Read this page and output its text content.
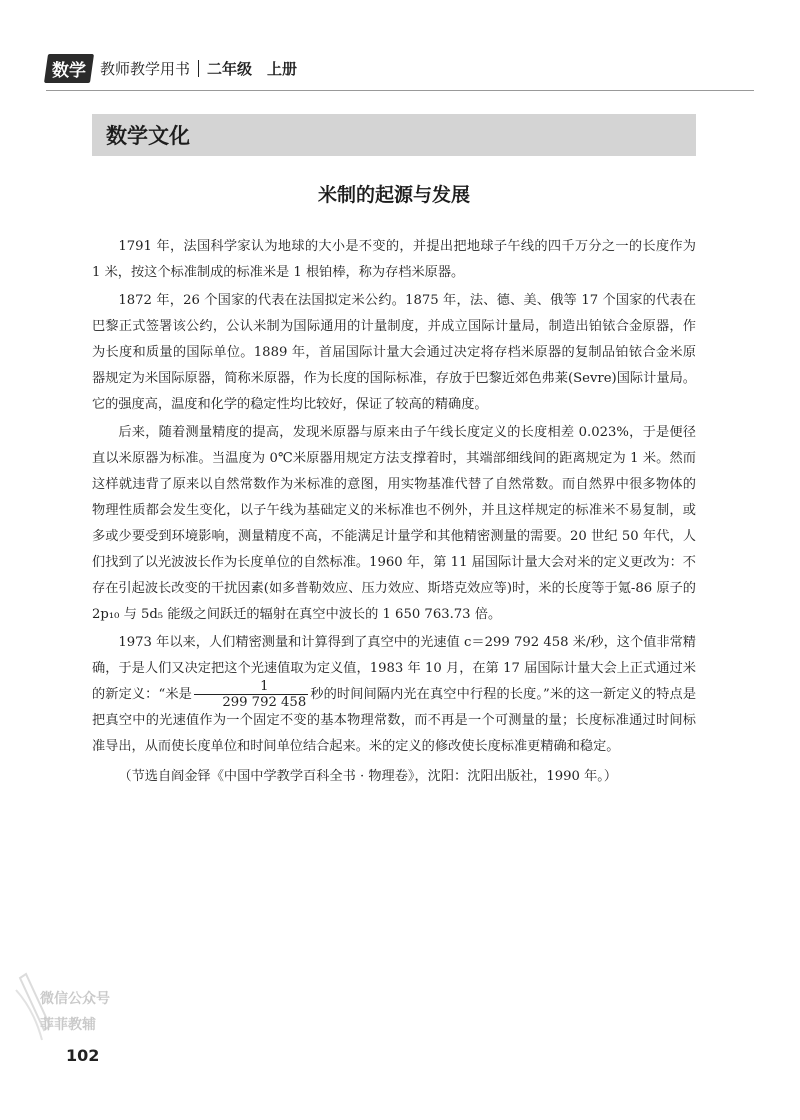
数学 教师教学用书 二年级　上册
数学文化
米制的起源与发展

1791 年，法国科学家认为地球的大小是不变的，并提出把地球子午线的四千万分之一的长度作为 1 米，按这个标准制成的标准米是 1 根铂棒，称为存档米原器。

1872 年，26 个国家的代表在法国拟定米公约。1875 年，法、德、美、俄等 17 个国家的代表在巴黎正式签署该公约，公认米制为国际通用的计量制度，并成立国际计量局，制造出铂铱合金原器，作为长度和质量的国际单位。1889 年，首届国际计量大会通过决定将存档米原器的复制品铂铱合金米原器规定为米国际原器，简称米原器，作为长度的国际标准，存放于巴黎近郊色弗莱(Sevre)国际计量局。它的强度高，温度和化学的稳定性均比较好，保证了较高的精确度。

后来，随着测量精度的提高，发现米原器与原来由子午线长度定义的长度相差 0.023%，于是便径直以米原器为标准。当温度为 0℃米原器用规定方法支撑着时，其端部细线间的距离规定为 1 米。然而这样就违背了原来以自然常数作为米标准的意图，用实物基准代替了自然常数。而自然界中很多物体的物理性质都会发生变化，以子午线为基础定义的米标准也不例外，并且这样规定的标准米不易复制，或多或少要受到环境影响，测量精度不高，不能满足计量学和其他精密测量的需要。20 世纪 50 年代，人们找到了以光波波长作为长度单位的自然标准。1960 年，第 11 届国际计量大会对米的定义更改为：不存在引起波长改变的干扰因素(如多普勒效应、压力效应、斯塔克效应等)时，米的长度等于氪-86 原子的 2p₁₀ 与 5d₅ 能级之间跃迁的辐射在真空中波长的 1 650 763.73 倍。

1973 年以来，人们精密测量和计算得到了真空中的光速值 c＝299 792 458 米/秒，这个值非常精确，于是人们又决定把这个光速值取为定义值，1983 年 10 月，在第 17 届国际计量大会上正式通过米的新定义：“米是 $\frac{1}{299 792 458}$ 秒的时间间隔内光在真空中行程的长度。”米的这一新定义的特点是把真空中的光速值作为一个固定不变的基本物理常数，而不再是一个可测量的量；长度标准通过时间标准导出，从而使长度单位和时间单位结合起来。米的定义的修改使长度标准更精确和稳定。

（节选自阎金铎《中国中学教学百科全书 · 物理卷》，沈阳：沈阳出版社，1990 年。）

微信公众号
菲菲教辅
102
